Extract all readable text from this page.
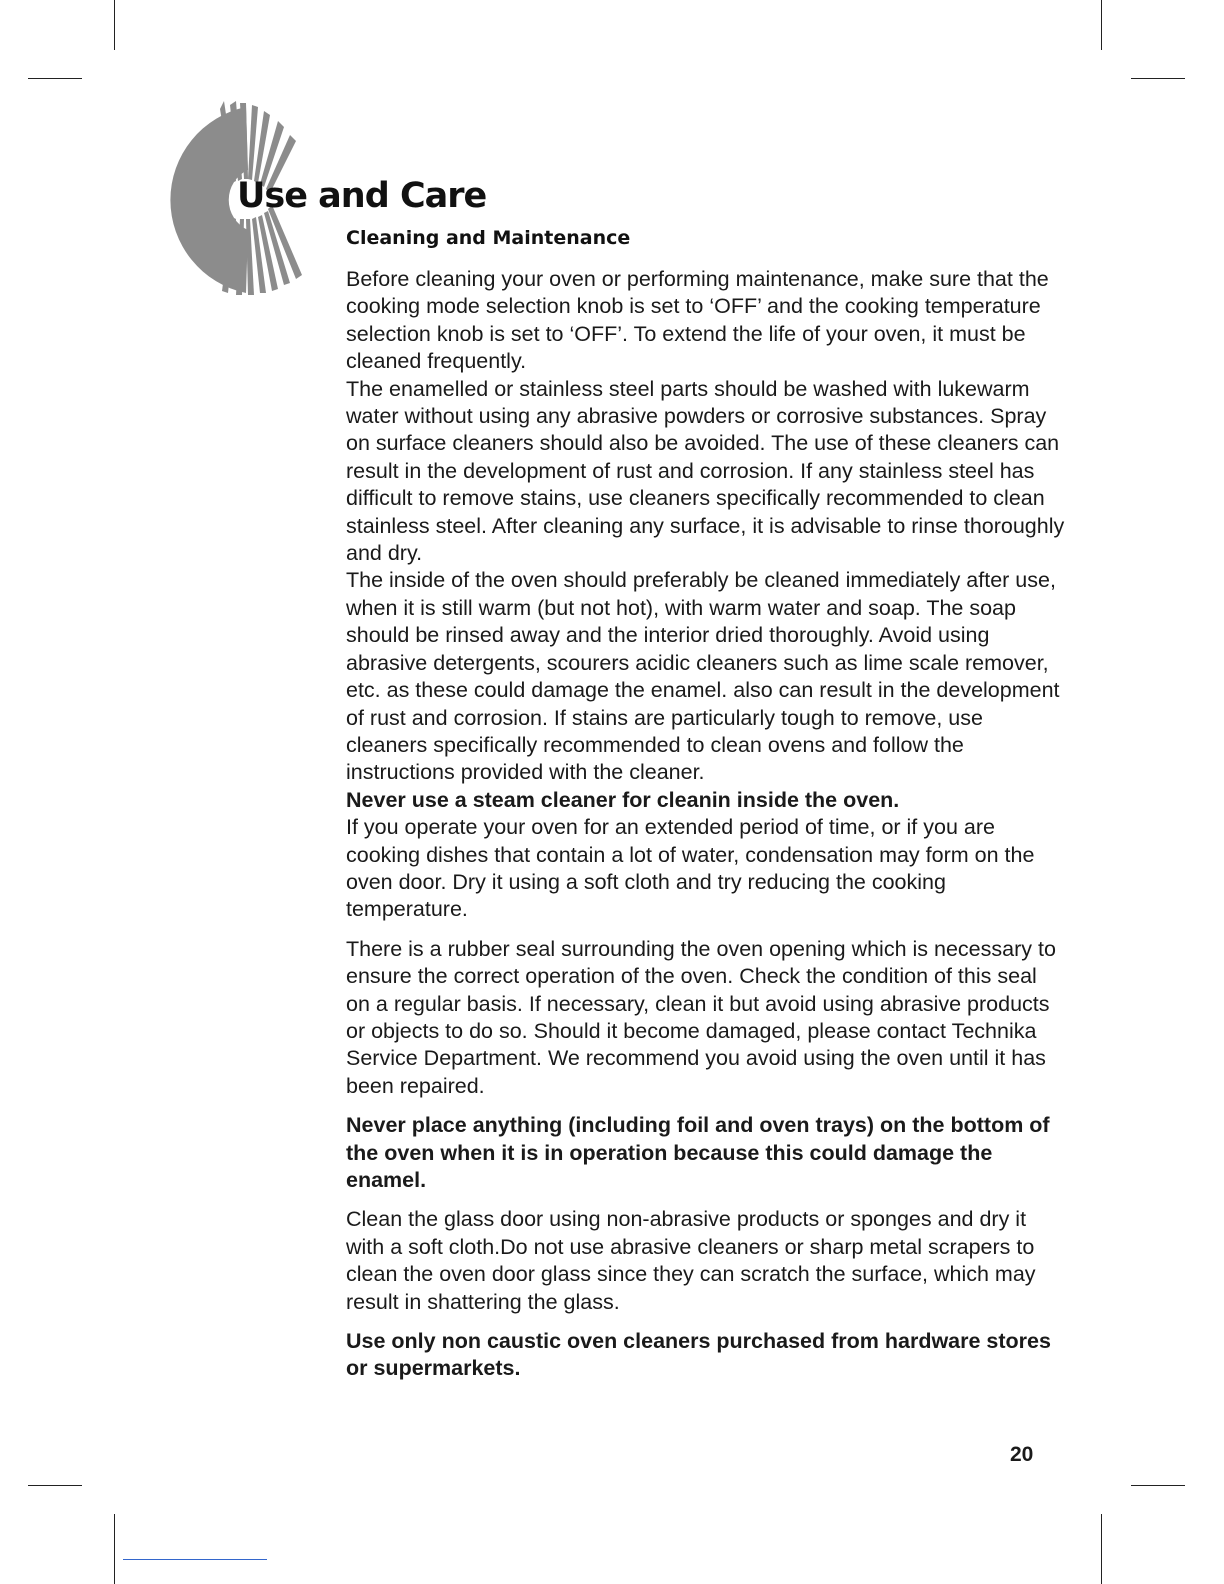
Use and Care
Cleaning and Maintenance

Before cleaning your oven or performing maintenance, make sure that the cooking mode selection knob is set to ‘OFF’ and the cooking temperature selection knob is set to ‘OFF’. To extend the life of your oven, it must be cleaned frequently.

The enamelled or stainless steel parts should be washed with lukewarm water without using any abrasive powders or corrosive substances. Spray on surface cleaners should also be avoided. The use of these cleaners can result in the development of rust and corrosion. If any stainless steel has difficult to remove stains, use cleaners specifically recommended to clean stainless steel. After cleaning any surface, it is advisable to rinse thoroughly and dry.

The inside of the oven should preferably be cleaned immediately after use, when it is still warm (but not hot), with warm water and soap. The soap should be rinsed away and the interior dried thoroughly. Avoid using abrasive detergents, scourers acidic cleaners such as lime scale remover, etc. as these could damage the enamel. also can result in the development of rust and corrosion. If stains are particularly tough to remove, use cleaners specifically recommended to clean ovens and follow the instructions provided with the cleaner.

Never use a steam cleaner for cleanin inside the oven.

If you operate your oven for an extended period of time, or if you are cooking dishes that contain a lot of water, condensation may form on the oven door. Dry it using a soft cloth and try reducing the cooking temperature.

There is a rubber seal surrounding the oven opening which is necessary to ensure the correct operation of the oven. Check the condition of this seal on a regular basis. If necessary, clean it but avoid using abrasive products or objects to do so. Should it become damaged, please contact Technika Service Department. We recommend you avoid using the oven until it has been repaired.

Never place anything (including foil and oven trays) on the bottom of the oven when it is in operation because this could damage the enamel.

Clean the glass door using non-abrasive products or sponges and dry it with a soft cloth.Do not use abrasive cleaners or sharp metal scrapers to clean the oven door glass since they can scratch the surface, which may result in shattering the glass.

Use only non caustic oven cleaners purchased from hardware stores or supermarkets.

20
